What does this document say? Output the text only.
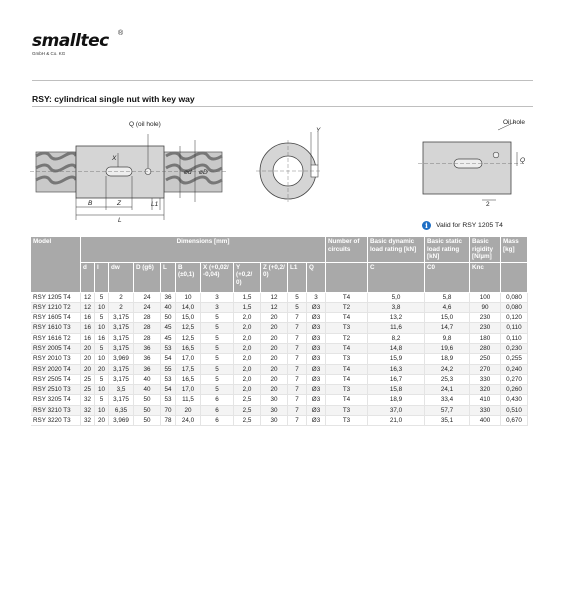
smalltec ®
GmbH & Co. KG
RSY: cylindrical single nut with key way
Q (oil hole)
X
B	Z
L
L1
ød øD
Y
Oil hole
Q
2
i	Valid for RSY 1205 T4
Model	Dimensions [mm]											Number of circuits	Basic dynamic load rating [kN]	Basic static load rating [kN]	Basic rigidity [N/µm]	Mass [kg]
	d	l	dw	D (g6)	L	B (±0,1)	X (+0,02/ -0,04)	Y (+0,2/ 0)	Z (+0,2/ 0)	L1	Q		C	C0	Knc	
RSY 1205 T4	12	5	2	24	36	10	3	1,5	12	5	3	T4	5,0	5,8	100	0,080
RSY 1210 T2	12	10	2	24	40	14,0	3	1,5	12	5	Ø3	T2	3,8	4,6	90	0,080
RSY 1605 T4	16	5	3,175	28	50	15,0	5	2,0	20	7	Ø3	T4	13,2	15,0	230	0,120
RSY 1610 T3	16	10	3,175	28	45	12,5	5	2,0	20	7	Ø3	T3	11,6	14,7	230	0,110
RSY 1616 T2	16	16	3,175	28	45	12,5	5	2,0	20	7	Ø3	T2	8,2	9,8	180	0,110
RSY 2005 T4	20	5	3,175	36	53	16,5	5	2,0	20	7	Ø3	T4	14,8	19,6	280	0,230
RSY 2010 T3	20	10	3,969	36	54	17,0	5	2,0	20	7	Ø3	T3	15,9	18,9	250	0,255
RSY 2020 T4	20	20	3,175	36	55	17,5	5	2,0	20	7	Ø3	T4	16,3	24,2	270	0,240
RSY 2505 T4	25	5	3,175	40	53	16,5	5	2,0	20	7	Ø3	T4	16,7	25,3	330	0,270
RSY 2510 T3	25	10	3,5	40	54	17,0	5	2,0	20	7	Ø3	T3	15,8	24,1	320	0,260
RSY 3205 T4	32	5	3,175	50	53	11,5	6	2,5	30	7	Ø3	T4	18,9	33,4	410	0,430
RSY 3210 T3	32	10	6,35	50	70	20	6	2,5	30	7	Ø3	T3	37,0	57,7	330	0,510
RSY 3220 T3	32	20	3,969	50	78	24,0	6	2,5	30	7	Ø3	T3	21,0	35,1	400	0,670
